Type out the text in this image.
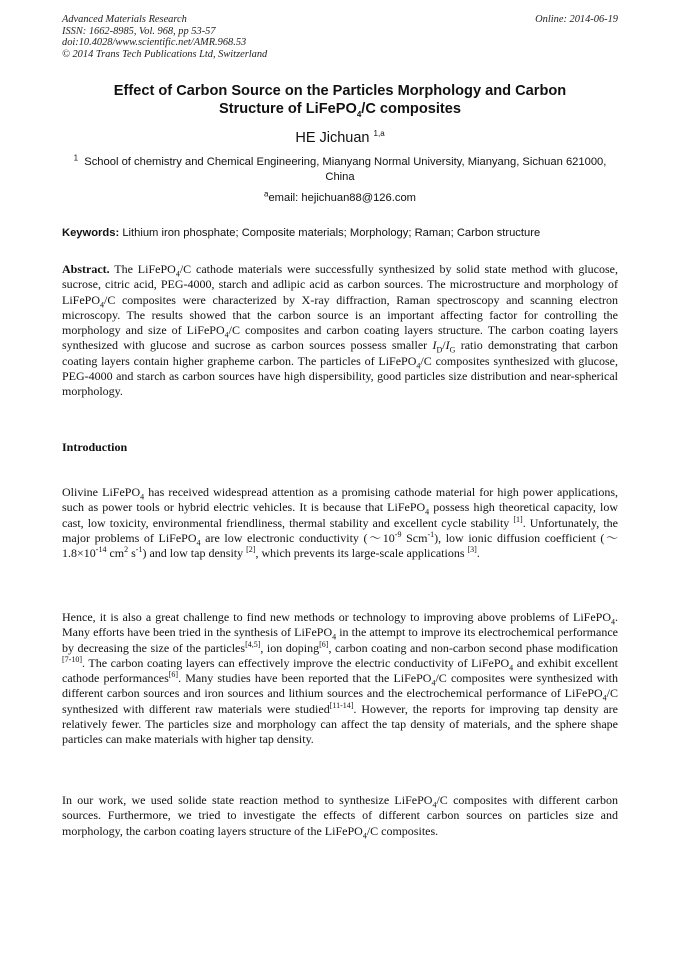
Advanced Materials Research
ISSN: 1662-8985, Vol. 968, pp 53-57
doi:10.4028/www.scientific.net/AMR.968.53
© 2014 Trans Tech Publications Ltd, Switzerland
Online: 2014-06-19
Effect of Carbon Source on the Particles Morphology and Carbon
Structure of LiFePO$_4$/C composites
HE Jichuan $^{1,a}$
$^1$ School of chemistry and Chemical Engineering, Mianyang Normal University, Mianyang, Sichuan 621000, China
$^a$email: hejichuan88@126.com
Keywords: Lithium iron phosphate; Composite materials; Morphology; Raman; Carbon structure

Abstract. The LiFePO$_4$/C cathode materials were successfully synthesized by solid state method with glucose, sucrose, citric acid, PEG-4000, starch and adlipic acid as carbon sources. The microstructure and morphology of LiFePO$_4$/C composites were characterized by X-ray diffraction, Raman spectroscopy and scanning electron microscopy. The results showed that the carbon source is an important affecting factor for controlling the morphology and size of LiFePO$_4$/C composites and carbon coating layers structure. The carbon coating layers synthesized with glucose and sucrose as carbon sources possess smaller $I_D/I_G$ ratio demonstrating that carbon coating layers contain higher grapheme carbon. The particles of LiFePO$_4$/C composites synthesized with glucose, PEG-4000 and starch as carbon sources have high dispersibility, good particles size distribution and near-spherical morphology.

Introduction

Olivine LiFePO$_4$ has received widespread attention as a promising cathode material for high power applications, such as power tools or hybrid electric vehicles. It is because that LiFePO$_4$ possess high theoretical capacity, low cast, low toxicity, environmental friendliness, thermal stability and excellent cycle stability [1]. Unfortunately, the major problems of LiFePO$_4$ are low electronic conductivity ($\sim 10^{-9}$ Scm$^{-1}$), low ionic diffusion coefficient ($\sim 1.8\times 10^{-14}$ $cm^2$ $s^{-1}$) and low tap density [2], which prevents its large-scale applications [3].

Hence, it is also a great challenge to find new methods or technology to improving above problems of LiFePO$_4$. Many efforts have been tried in the synthesis of LiFePO$_4$ in the attempt to improve its electrochemical performance by decreasing the size of the particles[4,5], ion doping[6], carbon coating and non-carbon second phase modification [7-10]. The carbon coating layers can effectively improve the electric conductivity of LiFePO$_4$ and exhibit excellent cathode performances[6]. Many studies have been reported that the LiFePO$_4$/C composites were synthesized with different carbon sources and iron sources and lithium sources and the electrochemical performance of LiFePO$_4$/C synthesized with different raw materials were studied[11-14]. However, the reports for improving tap density are relatively fewer. The particles size and morphology can affect the tap density of materials, and the sphere shape particles can make materials with higher tap density.

In our work, we used solide state reaction method to synthesize LiFePO$_4$/C composites with different carbon sources. Furthermore, we tried to investigate the effects of different carbon sources on particles size and morphology, the carbon coating layers structure of the LiFePO$_4$/C composites.
